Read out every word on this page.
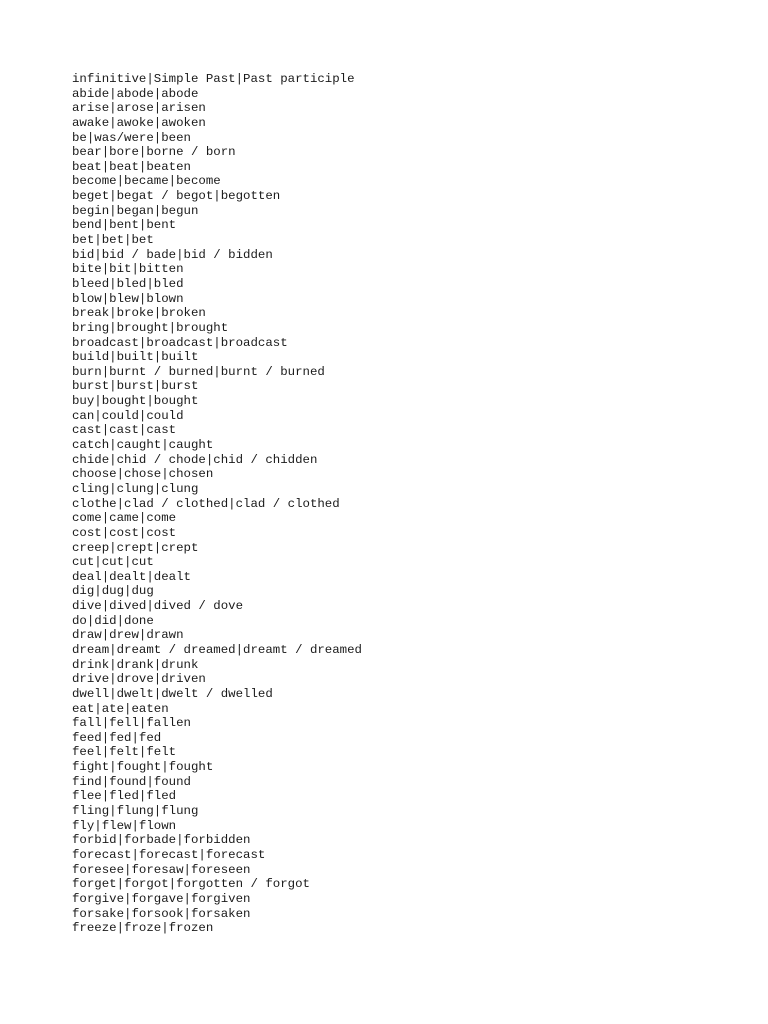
infinitive|Simple Past|Past participle
abide|abode|abode
arise|arose|arisen
awake|awoke|awoken
be|was/were|been
bear|bore|borne / born
beat|beat|beaten
become|became|become
beget|begat / begot|begotten
begin|began|begun
bend|bent|bent
bet|bet|bet
bid|bid / bade|bid / bidden
bite|bit|bitten
bleed|bled|bled
blow|blew|blown
break|broke|broken
bring|brought|brought
broadcast|broadcast|broadcast
build|built|built
burn|burnt / burned|burnt / burned
burst|burst|burst
buy|bought|bought
can|could|could
cast|cast|cast
catch|caught|caught
chide|chid / chode|chid / chidden
choose|chose|chosen
cling|clung|clung
clothe|clad / clothed|clad / clothed
come|came|come
cost|cost|cost
creep|crept|crept
cut|cut|cut
deal|dealt|dealt
dig|dug|dug
dive|dived|dived / dove
do|did|done
draw|drew|drawn
dream|dreamt / dreamed|dreamt / dreamed
drink|drank|drunk
drive|drove|driven
dwell|dwelt|dwelt / dwelled
eat|ate|eaten
fall|fell|fallen
feed|fed|fed
feel|felt|felt
fight|fought|fought
find|found|found
flee|fled|fled
fling|flung|flung
fly|flew|flown
forbid|forbade|forbidden
forecast|forecast|forecast
foresee|foresaw|foreseen
forget|forgot|forgotten / forgot
forgive|forgave|forgiven
forsake|forsook|forsaken
freeze|froze|frozen
